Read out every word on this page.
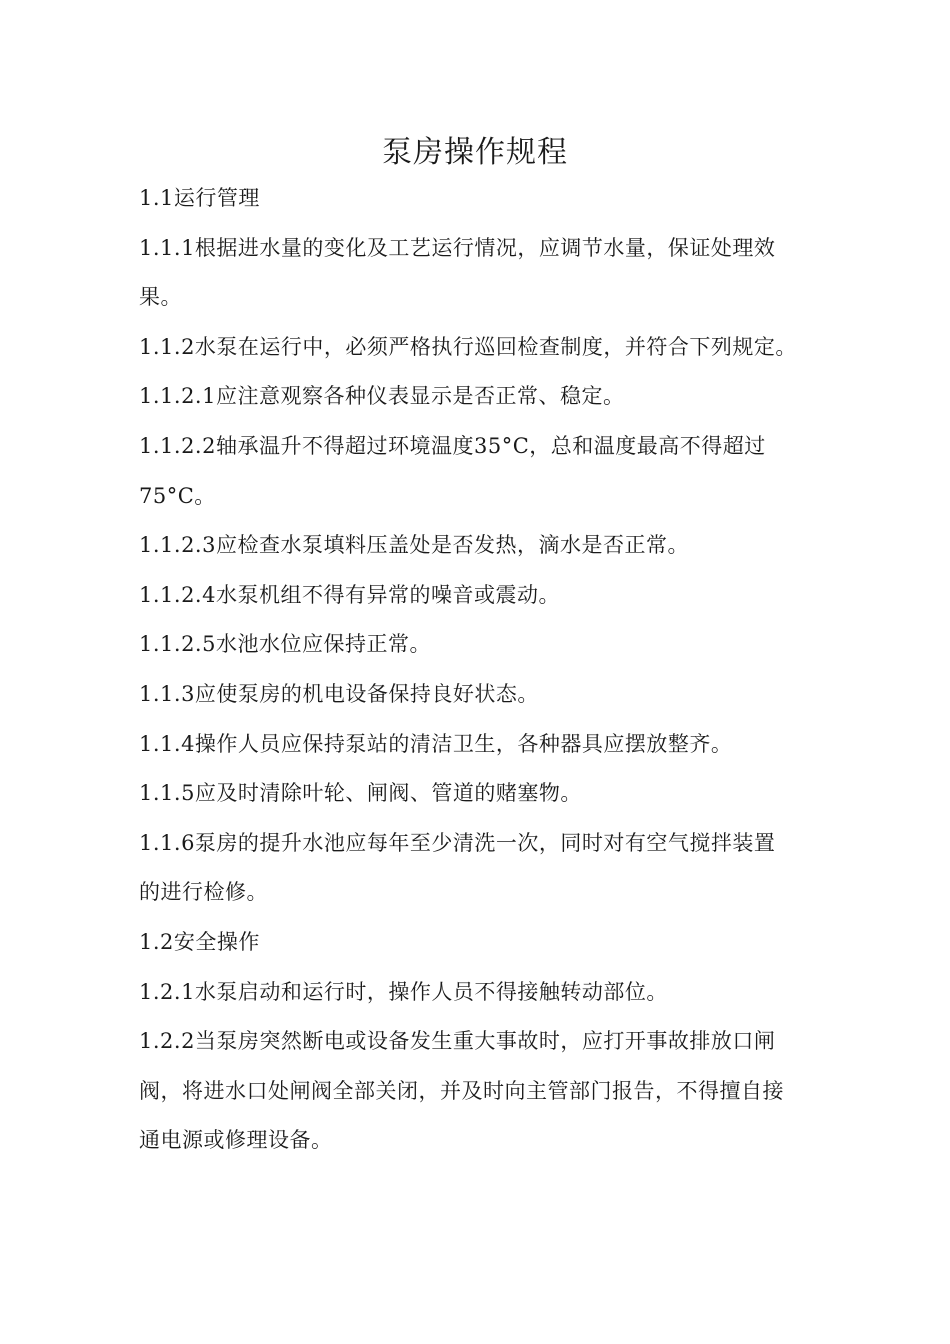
泵房操作规程
1.1运行管理
1.1.1根据进水量的变化及工艺运行情况，应调节水量，保证处理效
果。
1.1.2水泵在运行中，必须严格执行巡回检查制度，并符合下列规定。
1.1.2.1应注意观察各种仪表显示是否正常、稳定。
1.1.2.2轴承温升不得超过环境温度35°C，总和温度最高不得超过
75°C。
1.1.2.3应检查水泵填料压盖处是否发热，滴水是否正常。
1.1.2.4水泵机组不得有异常的噪音或震动。
1.1.2.5水池水位应保持正常。
1.1.3应使泵房的机电设备保持良好状态。
1.1.4操作人员应保持泵站的清洁卫生，各种器具应摆放整齐。
1.1.5应及时清除叶轮、闸阀、管道的赌塞物。
1.1.6泵房的提升水池应每年至少清洗一次，同时对有空气搅拌装置
的进行检修。
1.2安全操作
1.2.1水泵启动和运行时，操作人员不得接触转动部位。
1.2.2当泵房突然断电或设备发生重大事故时，应打开事故排放口闸
阀，将进水口处闸阀全部关闭，并及时向主管部门报告，不得擅自接
通电源或修理设备。
